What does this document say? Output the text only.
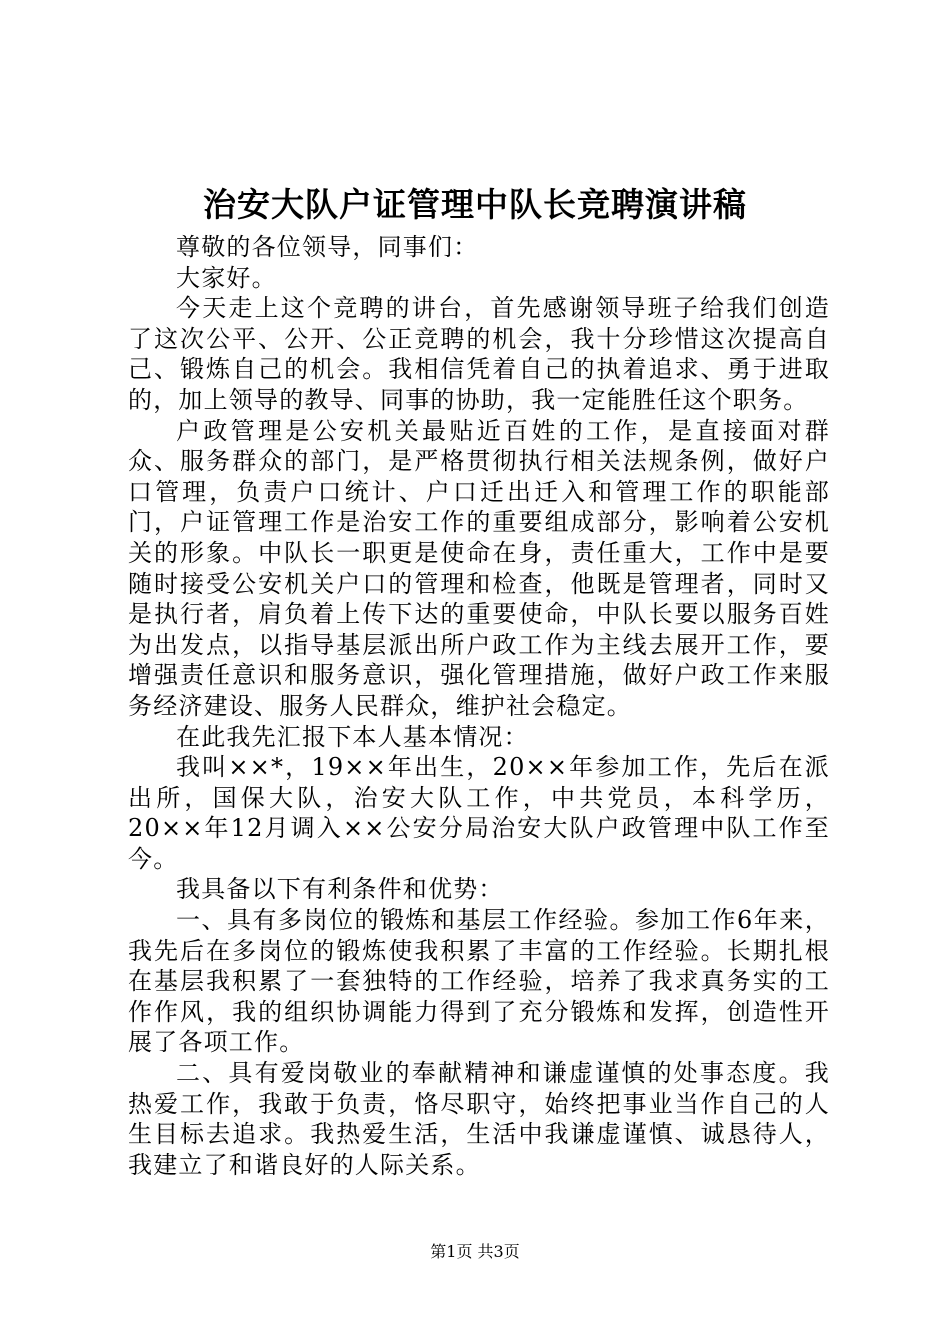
治安大队户证管理中队长竞聘演讲稿

尊敬的各位领导，同事们：

大家好。

今天走上这个竞聘的讲台，首先感谢领导班子给我们创造了这次公平、公开、公正竞聘的机会，我十分珍惜这次提高自己、锻炼自己的机会。我相信凭着自己的执着追求、勇于进取的，加上领导的教导、同事的协助，我一定能胜任这个职务。

户政管理是公安机关最贴近百姓的工作，是直接面对群众、服务群众的部门，是严格贯彻执行相关法规条例，做好户口管理，负责户口统计、户口迁出迁入和管理工作的职能部门，户证管理工作是治安工作的重要组成部分，影响着公安机关的形象。中队长一职更是使命在身，责任重大，工作中是要随时接受公安机关户口的管理和检查，他既是管理者，同时又是执行者，肩负着上传下达的重要使命，中队长要以服务百姓为出发点，以指导基层派出所户政工作为主线去展开工作，要增强责任意识和服务意识，强化管理措施，做好户政工作来服务经济建设、服务人民群众，维护社会稳定。

在此我先汇报下本人基本情况：

我叫××*，19××年出生，20××年参加工作，先后在派出所，国保大队，治安大队工作，中共党员，本科学历，20××年12月调入××公安分局治安大队户政管理中队工作至今。

我具备以下有利条件和优势：

一、具有多岗位的锻炼和基层工作经验。参加工作6年来，我先后在多岗位的锻炼使我积累了丰富的工作经验。长期扎根在基层我积累了一套独特的工作经验，培养了我求真务实的工作作风，我的组织协调能力得到了充分锻炼和发挥，创造性开展了各项工作。

二、具有爱岗敬业的奉献精神和谦虚谨慎的处事态度。我热爱工作，我敢于负责，恪尽职守，始终把事业当作自己的人生目标去追求。我热爱生活，生活中我谦虚谨慎、诚恳待人，我建立了和谐良好的人际关系。

第1页 共3页
